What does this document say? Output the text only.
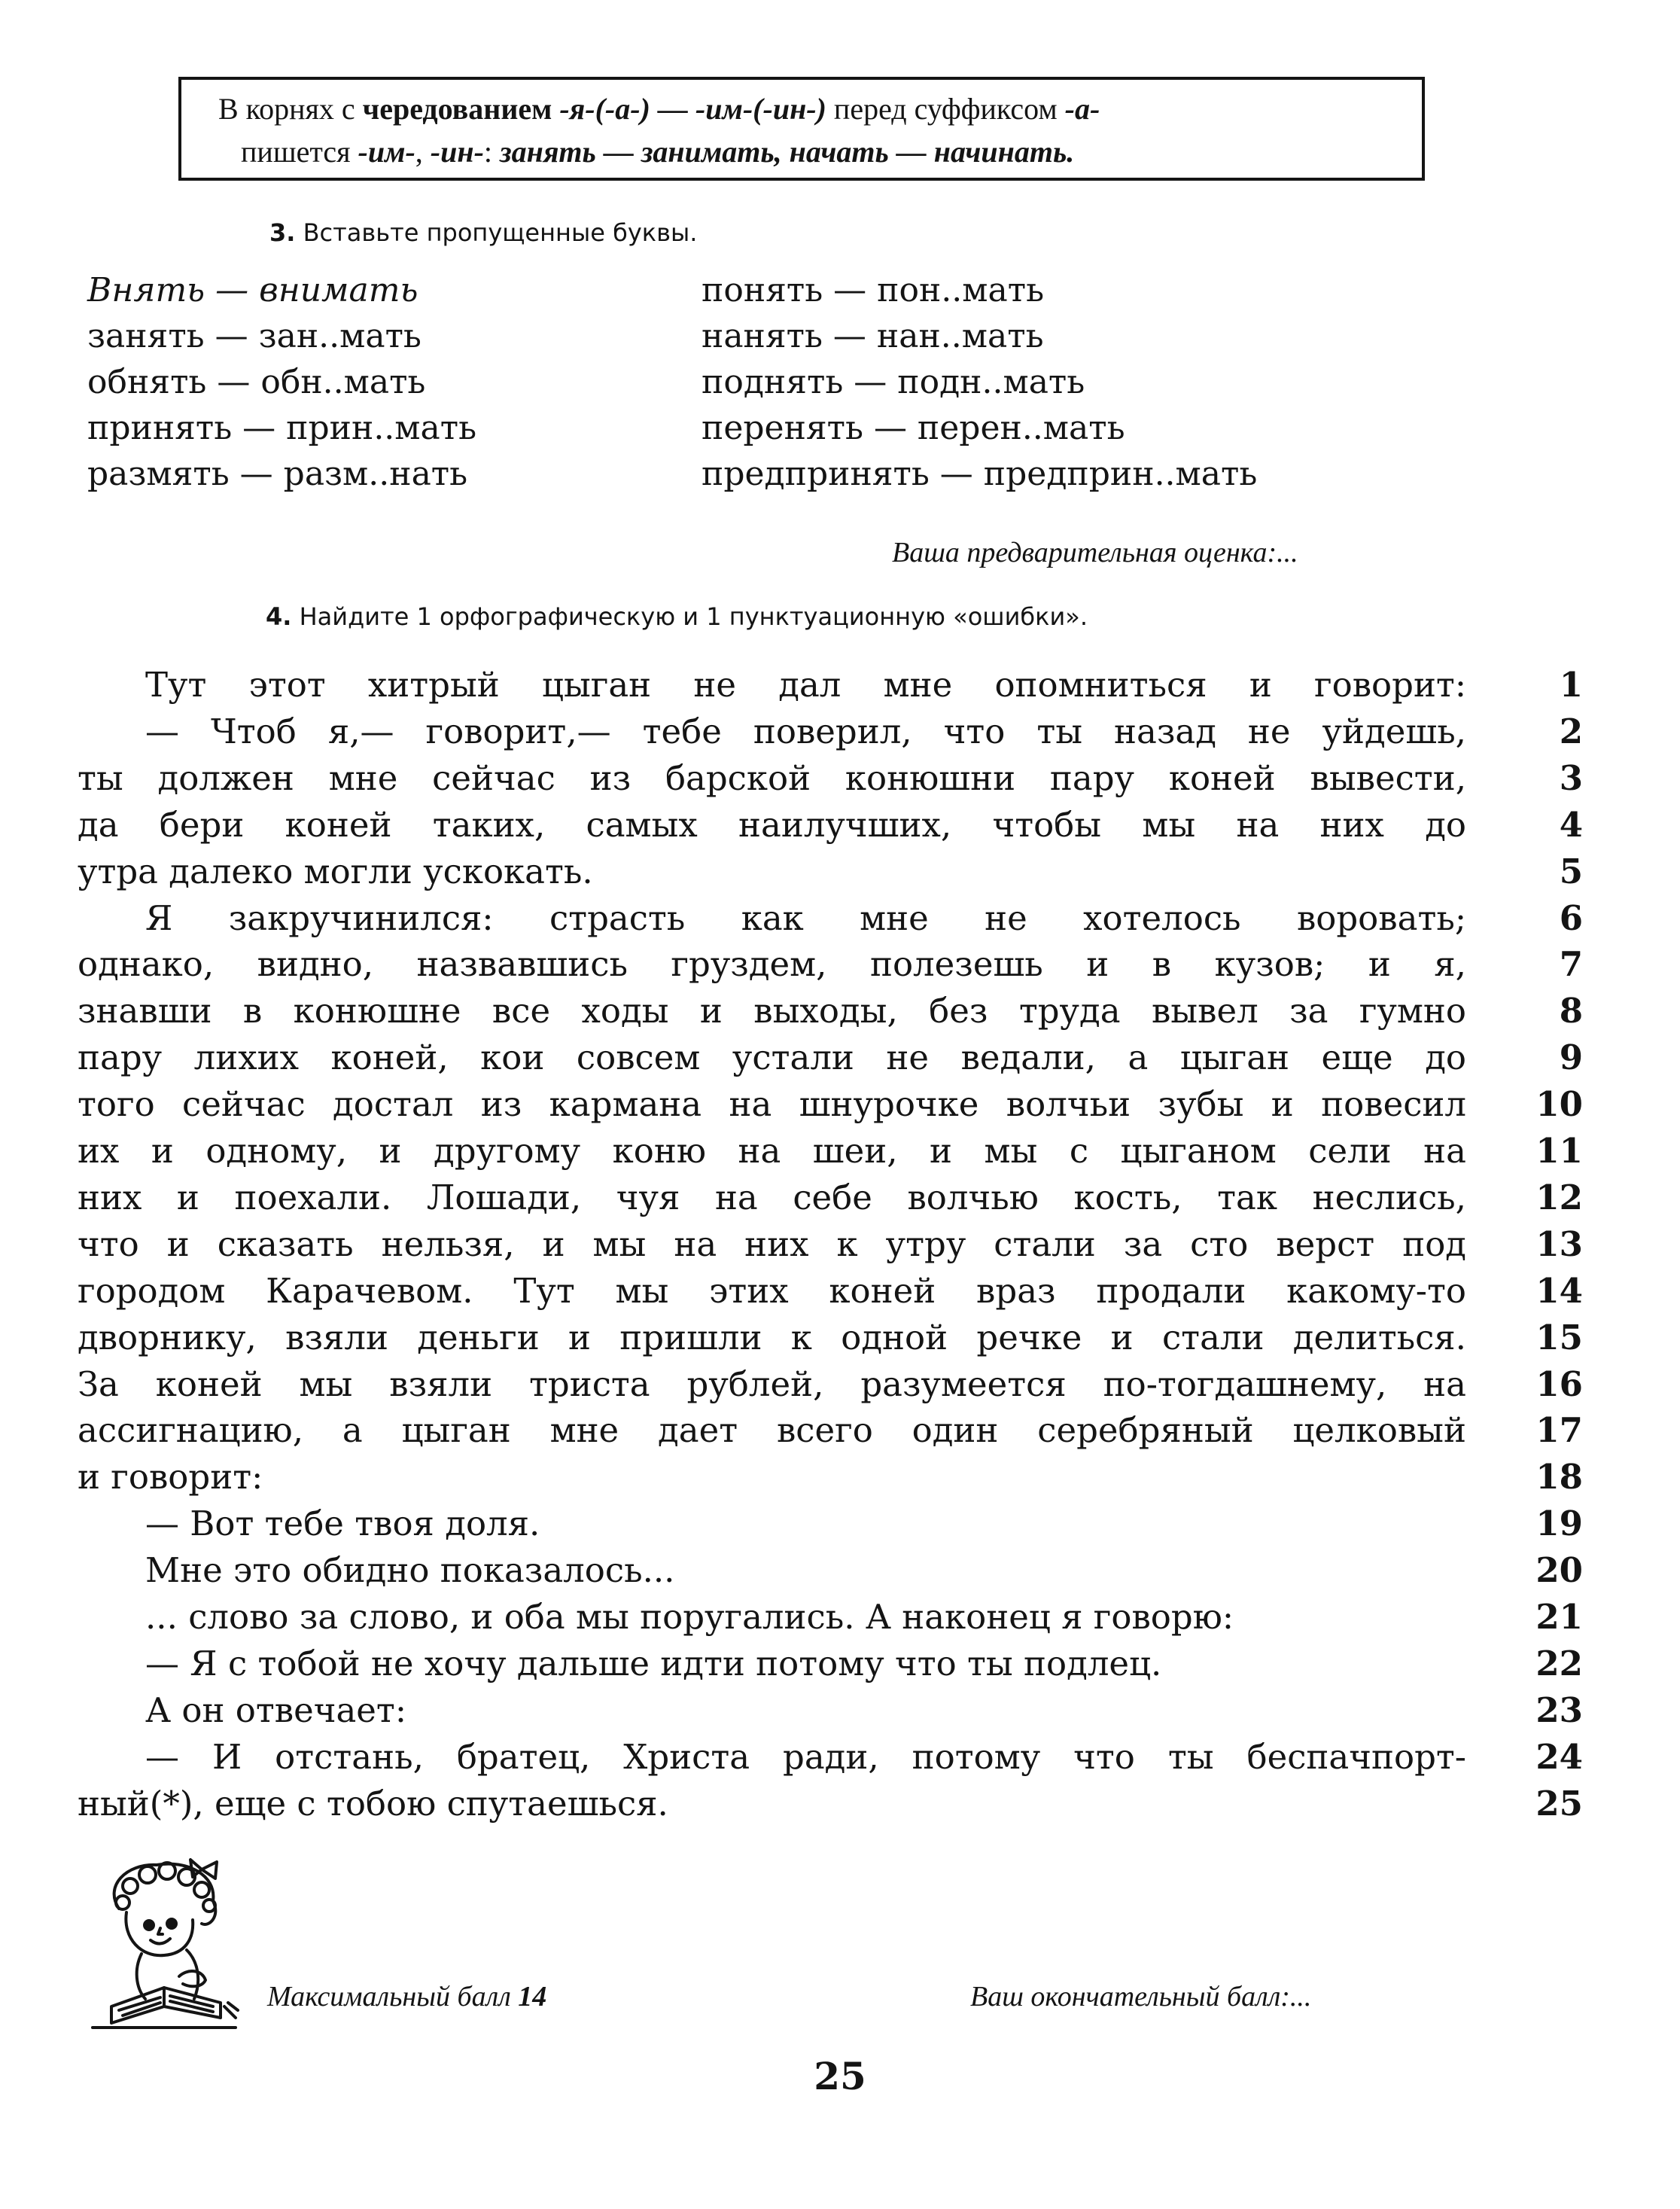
В корнях с чередованием -я-(-а-) — -им-(-ин-) перед суффиксом -а-
пишется -им-, -ин-: занять — занимать, начать — начинать.
3. Вставьте пропущенные буквы.
Внять — внимать
занять — зан..мать
обнять — обн..мать
принять — прин..мать
размять — разм..нать
понять — пон..мать
нанять — нан..мать
поднять — подн..мать
перенять — перен..мать
предпринять — предприн..мать
Ваша предварительная оценка:...
4. Найдите 1 орфографическую и 1 пунктуационную «ошибки».
Тут этот хитрый цыган не дал мне опомниться и говорит:
— Чтоб я,— говорит,— тебе поверил, что ты назад не уйдешь,
ты должен мне сейчас из барской конюшни пару коней вывести,
да бери коней таких, самых наилучших, чтобы мы на них до
утра далеко могли ускокать.
Я закручинился: страсть как мне не хотелось воровать;
однако, видно, назвавшись груздем, полезешь и в кузов; и я,
знавши в конюшне все ходы и выходы, без труда вывел за гумно
пару лихих коней, кои совсем устали не ведали, а цыган еще до
того сейчас достал из кармана на шнурочке волчьи зубы и повесил
их и одному, и другому коню на шеи, и мы с цыганом сели на
них и поехали. Лошади, чуя на себе волчью кость, так неслись,
что и сказать нельзя, и мы на них к утру стали за сто верст под
городом Карачевом. Тут мы этих коней враз продали какому-то
дворнику, взяли деньги и пришли к одной речке и стали делиться.
За коней мы взяли триста рублей, разумеется по-тогдашнему, на
ассигнацию, а цыган мне дает всего один серебряный целковый
и говорит:
— Вот тебе твоя доля.
Мне это обидно показалось...
... слово за слово, и оба мы поругались. А наконец я говорю:
— Я с тобой не хочу дальше идти потому что ты подлец.
А он отвечает:
— И отстань, братец, Христа ради, потому что ты беспачпорт-
ный(*), еще с тобою спутаешься.
1
2
3
4
5
6
7
8
9
10
11
12
13
14
15
16
17
18
19
20
21
22
23
24
25
Максимальный балл 14	Ваш окончательный балл:...
25
